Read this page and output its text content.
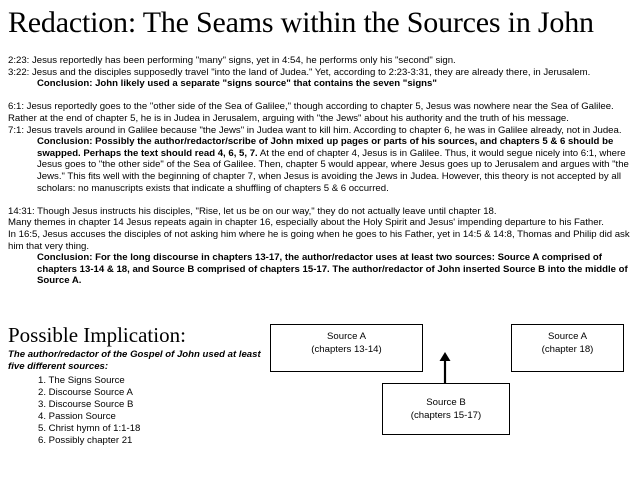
Redaction: The Seams within the Sources in John

2:23: Jesus reportedly has been performing "many" signs, yet in 4:54, he performs only his "second" sign.

3:22: Jesus and the disciples supposedly travel "into the land of Judea." Yet, according to 2:23-3:31, they are already there, in Jerusalem.

Conclusion: John likely used a separate "signs source" that contains the seven "signs"

6:1: Jesus reportedly goes to the "other side of the Sea of Galilee," though according to chapter 5, Jesus was nowhere near the Sea of Galilee.

Rather at the end of chapter 5, he is in Judea in Jerusalem, arguing with "the Jews" about his authority and the truth of his message.

7:1: Jesus travels around in Galilee because "the Jews" in Judea want to kill him. According to chapter 6, he was in Galilee already, not in Judea.

Conclusion: Possibly the author/redactor/scribe of John mixed up pages or parts of his sources, and chapters 5 & 6 should be swapped. Perhaps the text should read 4, 6, 5, 7. At the end of chapter 4, Jesus is in Galilee. Thus, it would segue nicely into 6:1, where Jesus goes to "the other side" of the Sea of Galilee. Then, chapter 5 would appear, where Jesus goes up to Jerusalem and argues with "the Jews." This fits well with the beginning of chapter 7, when Jesus is avoiding the Jews in Judea. However, this theory is not accepted by all scholars: no manuscripts exists that indicate a shuffling of chapters 5 & 6 occurred.

14:31: Though Jesus instructs his disciples, "Rise, let us be on our way," they do not actually leave until chapter 18.

Many themes in chapter 14 Jesus repeats again in chapter 16, especially about the Holy Spirit and Jesus' impending departure to his Father.

In 16:5, Jesus accuses the disciples of not asking him where he is going when he goes to his Father, yet in 14:5 & 14:8, Thomas and Philip did ask him that very thing.

Conclusion: For the long discourse in chapters 13-17, the author/redactor uses at least two sources: Source A comprised of chapters 13-14 & 18, and Source B comprised of chapters 15-17. The author/redactor of John inserted Source B into the middle of Source A.

Possible Implication:
The author/redactor of the Gospel of John used at least five different sources:
1. The Signs Source
2. Discourse Source A
3. Discourse Source B
4. Passion Source
5. Christ hymn of 1:1-18
6. Possibly chapter 21
Source A
(chapters 13-14)
Source A
(chapter 18)
Source B
(chapters 15-17)
